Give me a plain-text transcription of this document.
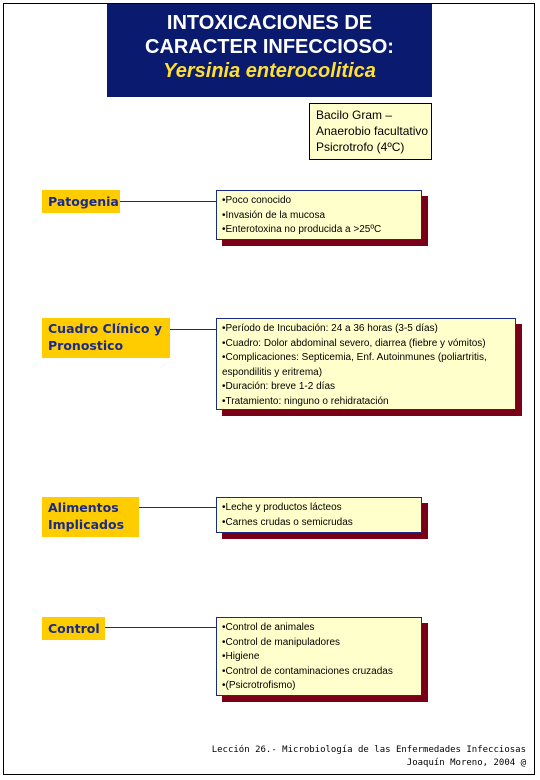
INTOXICACIONES DE
CARACTER INFECCIOSO:
Yersinia enterocolitica
Bacilo Gram –
Anaerobio facultativo
Psicrotrofo (4ºC)
Patogenia	•Poco conocido
•Invasión de la mucosa
•Enterotoxina no producida a >25ºC
Cuadro Clínico y
Pronostico
•Período de Incubación: 24 a 36 horas (3-5 días)
•Cuadro: Dolor abdominal severo, diarrea (fiebre y vómitos)
•Complicaciones: Septicemia, Enf. Autoinmunes (poliartritis, espondilitis y eritrema)
•Duración: breve 1-2 días
•Tratamiento: ninguno o rehidratación
Alimentos
Implicados
•Leche y productos lácteos
•Carnes crudas o semicrudas
Control	•Control de animales
•Control de manipuladores
•Higiene
•Control de contaminaciones cruzadas
•(Psicrotrofismo)
Lección 26.- Microbiología de las Enfermedades Infecciosas
Joaquín Moreno, 2004 @
